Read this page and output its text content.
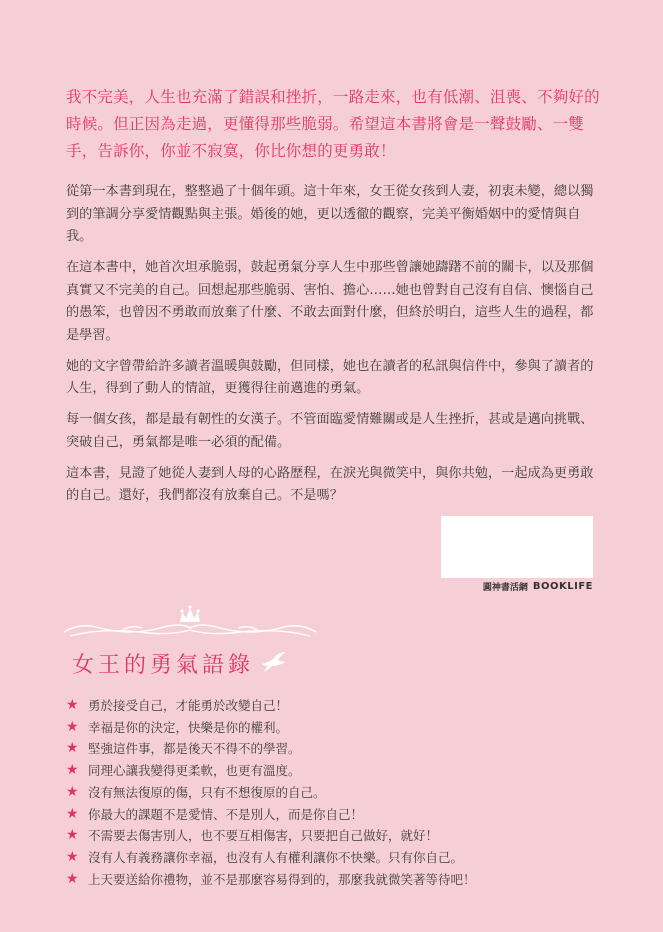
我不完美，人生也充滿了錯誤和挫折，一路走來，也有低潮、沮喪、不夠好的時候。但正因為走過，更懂得那些脆弱。希望這本書將會是一聲鼓勵、一雙手，告訴你，你並不寂寞，你比你想的更勇敢！

從第一本書到現在，整整過了十個年頭。這十年來，女王從女孩到人妻，初衷未變，總以獨到的筆調分享愛情觀點與主張。婚後的她，更以透徹的觀察，完美平衡婚姻中的愛情與自我。

在這本書中，她首次坦承脆弱，鼓起勇氣分享人生中那些曾讓她躊躇不前的關卡，以及那個真實又不完美的自己。回想起那些脆弱、害怕、擔心……她也曾對自己沒有自信、懊惱自己的愚笨，也曾因不勇敢而放棄了什麼、不敢去面對什麼，但終於明白，這些人生的過程，都是學習。

她的文字曾帶給許多讀者溫暖與鼓勵，但同樣，她也在讀者的私訊與信件中，參與了讀者的人生，得到了動人的情誼，更獲得往前邁進的勇氣。

每一個女孩，都是最有韌性的女漢子。不管面臨愛情難關或是人生挫折，甚或是邁向挑戰、突破自己，勇氣都是唯一必須的配備。

這本書，見證了她從人妻到人母的心路歷程，在淚光與微笑中，與你共勉，一起成為更勇敢的自己。還好，我們都沒有放棄自己。不是嗎？

圓神書活網 BOOKLIFE
女王的勇氣語錄
★ 勇於接受自己，才能勇於改變自己！
★ 幸福是你的決定，快樂是你的權利。
★ 堅強這件事，都是後天不得不的學習。
★ 同理心讓我變得更柔軟，也更有溫度。
★ 沒有無法復原的傷，只有不想復原的自己。
★ 你最大的課題不是愛情、不是別人，而是你自己！
★ 不需要去傷害別人，也不要互相傷害，只要把自己做好，就好！
★ 沒有人有義務讓你幸福，也沒有人有權利讓你不快樂。只有你自己。
★ 上天要送給你禮物，並不是那麼容易得到的，那麼我就微笑著等待吧！
